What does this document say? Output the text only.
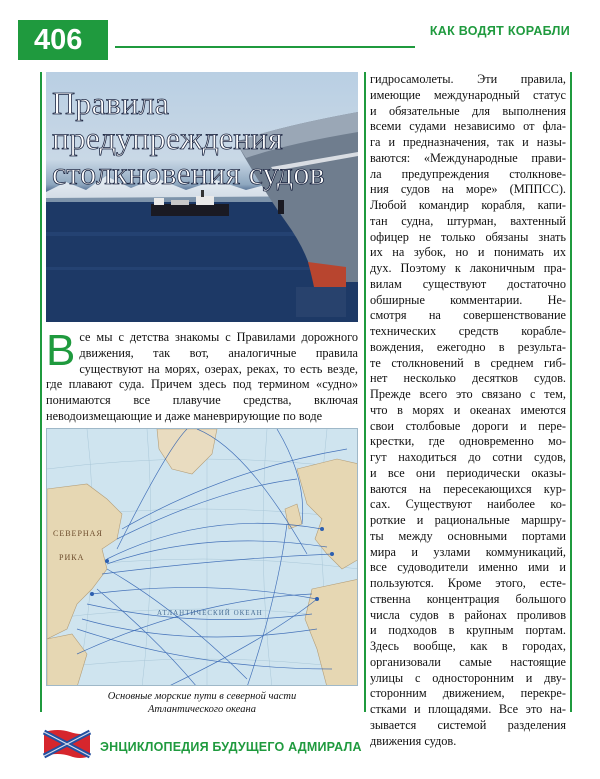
406	КАК ВОДЯТ КОРАБЛИ
Правила предупреждения столкновения судов
В се мы с детства знакомы с Правилами дорожного движения, так вот, аналогичные правила существуют на морях, озерах, реках, то есть везде, где плавают суда. Причем здесь под термином «судно» понимаются все плавучие средства, включая неводоизмещающие и даже маневрирующие по воде
СЕВЕРНАЯ
РИКА
АТЛАНТИЧЕСКИЙ ОКЕАН
Основные морские пути в северной части
Атлантического океана
гидросамолеты. Эти правила,
имеющие международный статус
и обязательные для выполнения
всеми судами независимо от фла-
га и предназначения, так и назы-
ваются: «Международные прави-
ла предупреждения столкнове-
ния судов на море» (МППСС).
Любой командир корабля, капи-
тан судна, штурман, вахтенный
офицер не только обязаны знать
их на зубок, но и понимать их
дух. Поэтому к лаконичным пра-
вилам существуют достаточно
обширные комментарии. Не-
смотря на совершенствование
технических средств корабле-
вождения, ежегодно в результа-
те столкновений в среднем гиб-
нет несколько десятков судов.
Прежде всего это связано с тем,
что в морях и океанах имеются
свои столбовые дороги и пере-
крестки, где одновременно мо-
гут находиться до сотни судов,
и все они периодически оказы-
ваются на пересекающихся кур-
сах. Существуют наиболее ко-
роткие и рациональные маршру-
ты между основными портами
мира и узлами коммуникаций,
все судоводители именно ими и
пользуются. Кроме этого, есте-
ственна концентрация большого
числа судов в районах проливов
и подходов в крупным портам.
Здесь вообще, как в городах,
организовали самые настоящие
улицы с односторонним и дву-
сторонним движением, перекре-
стками и площадями. Все это на-
зывается системой разделения
движения судов.
ЭНЦИКЛОПЕДИЯ БУДУЩЕГО АДМИРАЛА
